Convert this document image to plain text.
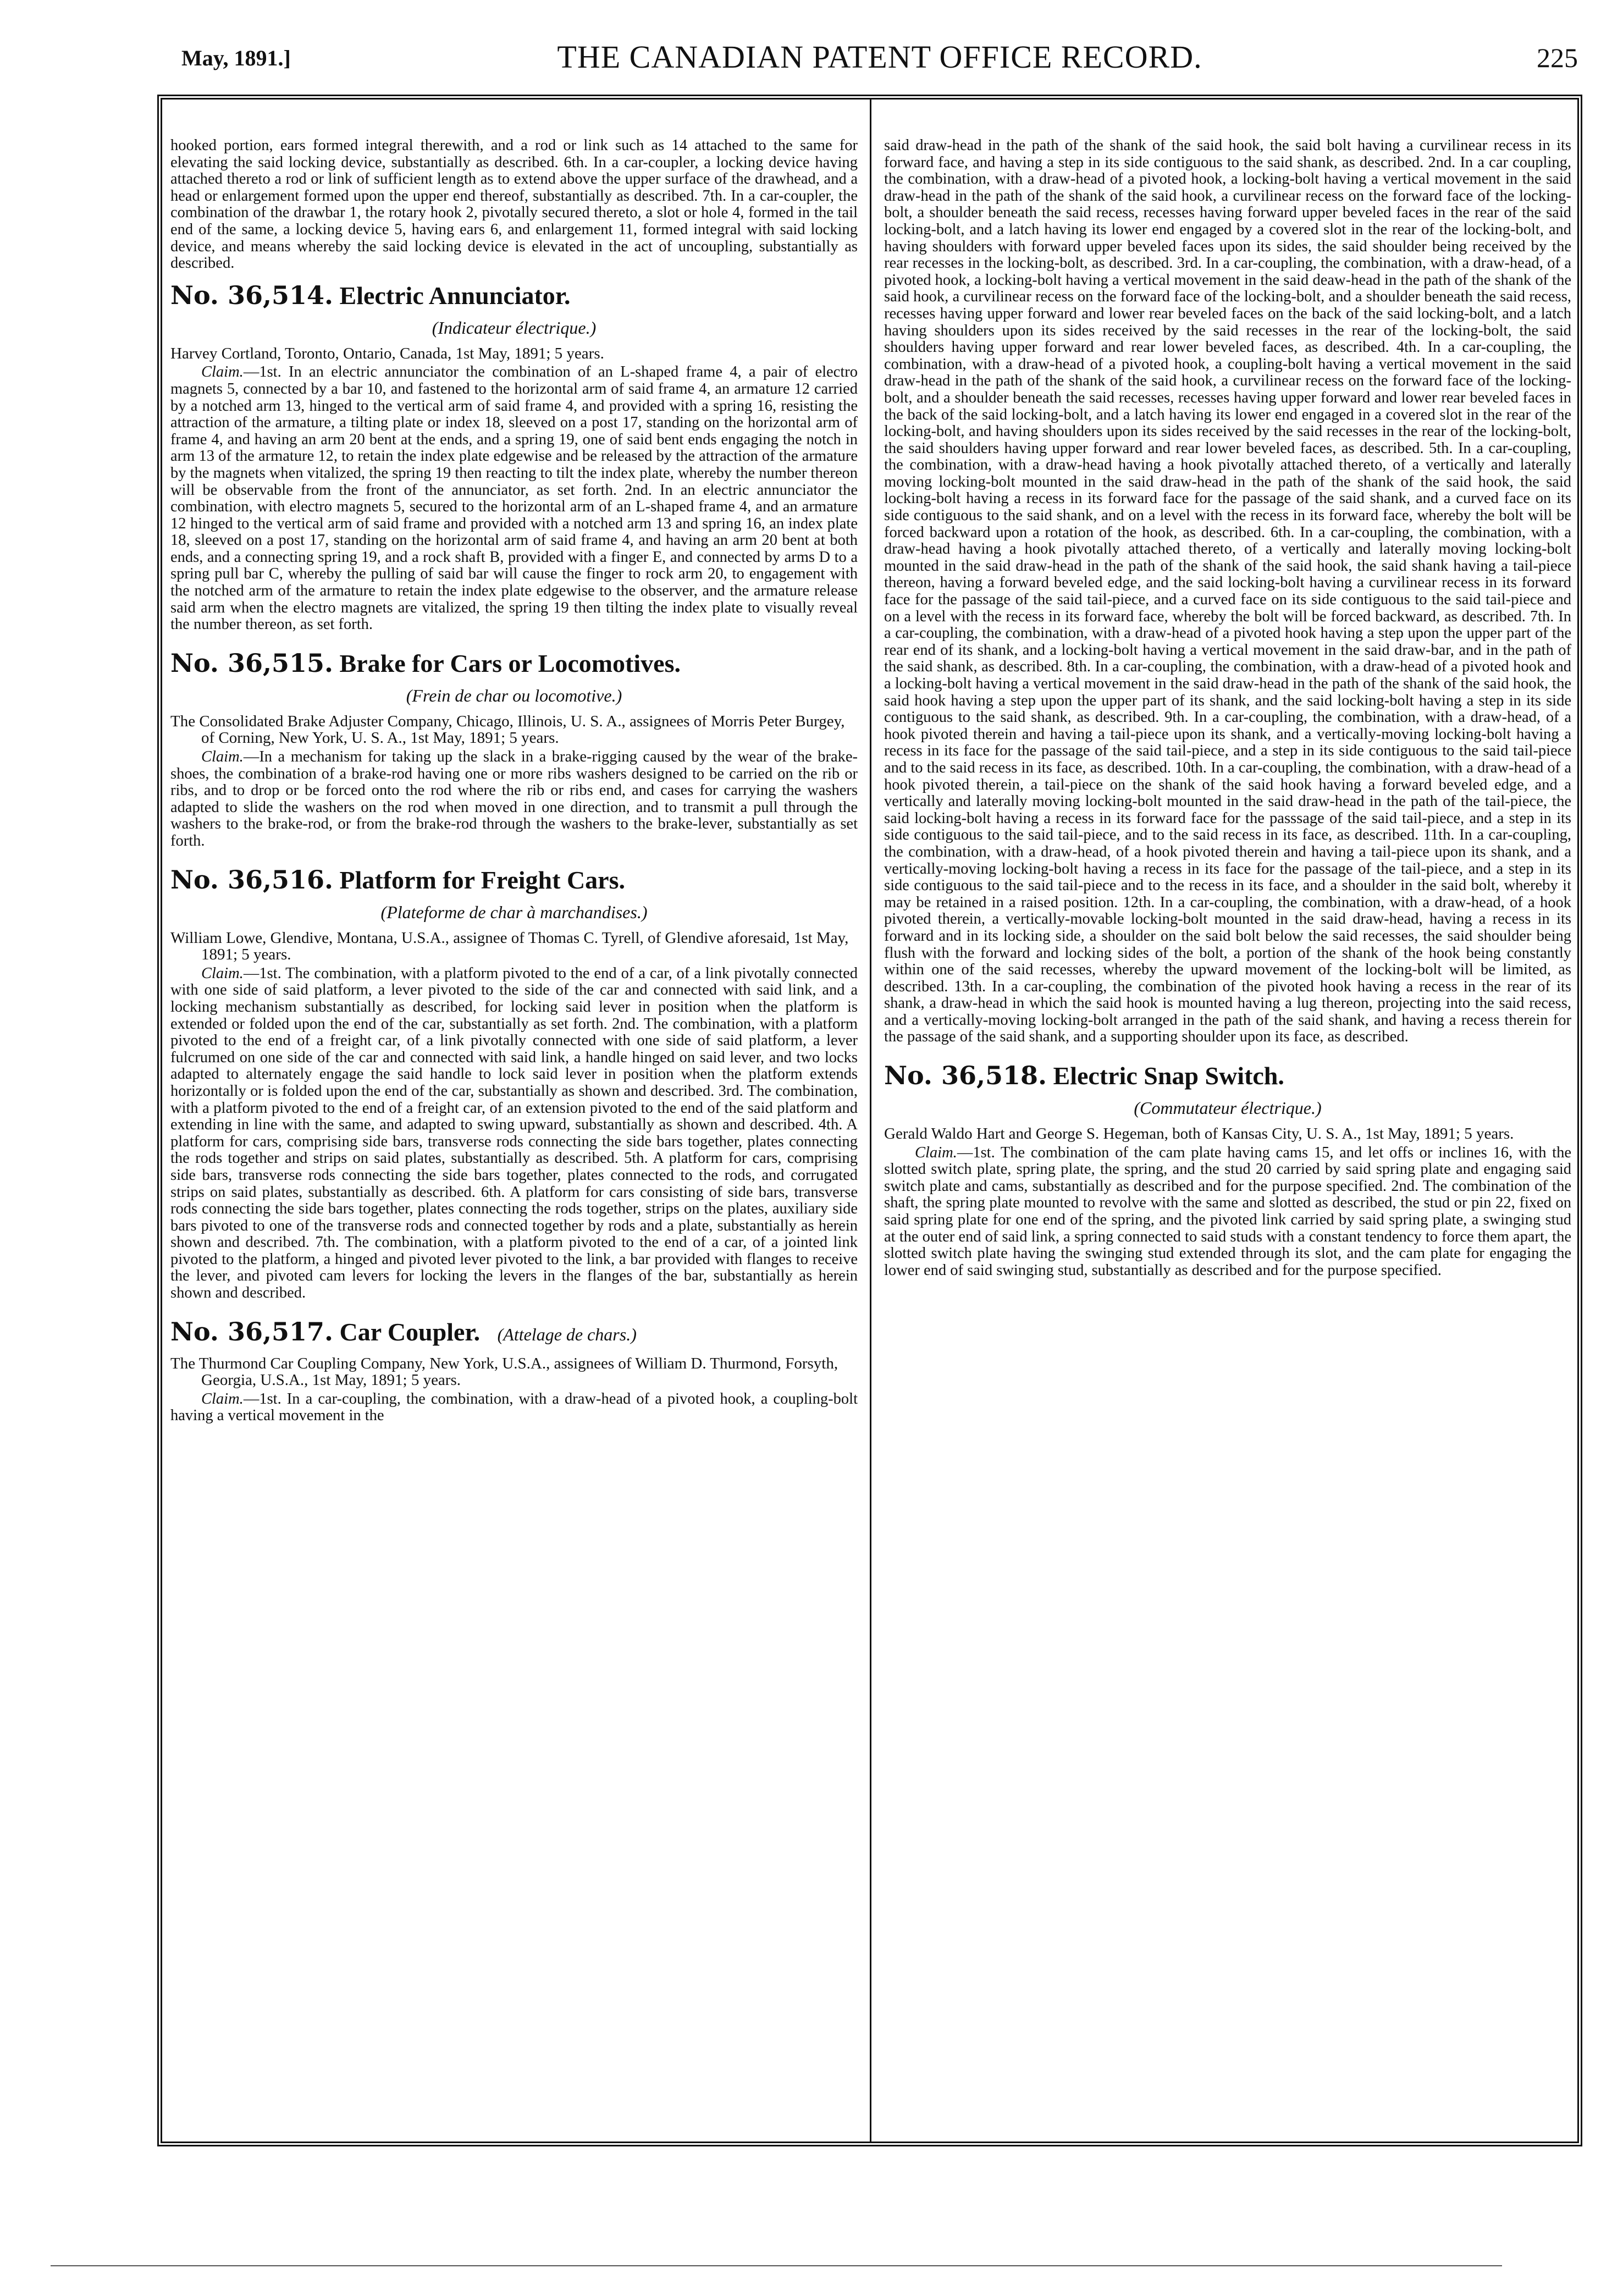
May, 1891.]	THE CANADIAN PATENT OFFICE RECORD.	225

hooked portion, ears formed integral therewith, and a rod or link such as 14 attached to the same for elevating the said locking device, substantially as described. 6th. In a car-coupler, a locking device having attached thereto a rod or link of sufficient length as to extend above the upper surface of the drawhead, and a head or enlargement formed upon the upper end thereof, substantially as described. 7th. In a car-coupler, the combination of the drawbar 1, the rotary hook 2, pivotally secured thereto, a slot or hole 4, formed in the tail end of the same, a locking device 5, having ears 6, and enlargement 11, formed integral with said locking device, and means whereby the said locking device is elevated in the act of uncoupling, substantially as described.

No. 36,514. Electric Annunciator.

(Indicateur électrique.)

Harvey Cortland, Toronto, Ontario, Canada, 1st May, 1891; 5 years.

Claim.—1st. In an electric annunciator the combination of an L-shaped frame 4, a pair of electro magnets 5, connected by a bar 10, and fastened to the horizontal arm of said frame 4, an armature 12 carried by a notched arm 13, hinged to the vertical arm of said frame 4, and provided with a spring 16, resisting the attraction of the armature, a tilting plate or index 18, sleeved on a post 17, standing on the horizontal arm of frame 4, and having an arm 20 bent at the ends, and a spring 19, one of said bent ends engaging the notch in arm 13 of the armature 12, to retain the index plate edgewise and be released by the attraction of the armature by the magnets when vitalized, the spring 19 then reacting to tilt the index plate, whereby the number thereon will be observable from the front of the annunciator, as set forth. 2nd. In an electric annunciator the combination, with electro magnets 5, secured to the horizontal arm of an L-shaped frame 4, and an armature 12 hinged to the vertical arm of said frame and provided with a notched arm 13 and spring 16, an index plate 18, sleeved on a post 17, standing on the horizontal arm of said frame 4, and having an arm 20 bent at both ends, and a connecting spring 19, and a rock shaft B, provided with a finger E, and connected by arms D to a spring pull bar C, whereby the pulling of said bar will cause the finger to rock arm 20, to engagement with the notched arm of the armature to retain the index plate edgewise to the observer, and the armature release said arm when the electro magnets are vitalized, the spring 19 then tilting the index plate to visually reveal the number thereon, as set forth.

No. 36,515. Brake for Cars or Locomotives.

(Frein de char ou locomotive.)

The Consolidated Brake Adjuster Company, Chicago, Illinois, U. S. A., assignees of Morris Peter Burgey, of Corning, New York, U. S. A., 1st May, 1891; 5 years.

Claim.—In a mechanism for taking up the slack in a brake-rigging caused by the wear of the brake-shoes, the combination of a brake-rod having one or more ribs washers designed to be carried on the rib or ribs, and to drop or be forced onto the rod where the rib or ribs end, and cases for carrying the washers adapted to slide the washers on the rod when moved in one direction, and to transmit a pull through the washers to the brake-rod, or from the brake-rod through the washers to the brake-lever, substantially as set forth.

No. 36,516. Platform for Freight Cars.

(Plateforme de char à marchandises.)

William Lowe, Glendive, Montana, U.S.A., assignee of Thomas C. Tyrell, of Glendive aforesaid, 1st May, 1891; 5 years.

Claim.—1st. The combination, with a platform pivoted to the end of a car, of a link pivotally connected with one side of said platform, a lever pivoted to the side of the car and connected with said link, and a locking mechanism substantially as described, for locking said lever in position when the platform is extended or folded upon the end of the car, substantially as set forth. 2nd. The combination, with a platform pivoted to the end of a freight car, of a link pivotally connected with one side of said platform, a lever fulcrumed on one side of the car and connected with said link, a handle hinged on said lever, and two locks adapted to alternately engage the said handle to lock said lever in position when the platform extends horizontally or is folded upon the end of the car, substantially as shown and described. 3rd. The combination, with a platform pivoted to the end of a freight car, of an extension pivoted to the end of the said platform and extending in line with the same, and adapted to swing upward, substantially as shown and described. 4th. A platform for cars, comprising side bars, transverse rods connecting the side bars together, plates connecting the rods together and strips on said plates, substantially as described. 5th. A platform for cars, comprising side bars, transverse rods connecting the side bars together, plates connected to the rods, and corrugated strips on said plates, substantially as described. 6th. A platform for cars consisting of side bars, transverse rods connecting the side bars together, plates connecting the rods together, strips on the plates, auxiliary side bars pivoted to one of the transverse rods and connected together by rods and a plate, substantially as herein shown and described. 7th. The combination, with a platform pivoted to the end of a car, of a jointed link pivoted to the platform, a hinged and pivoted lever pivoted to the link, a bar provided with flanges to receive the lever, and pivoted cam levers for locking the levers in the flanges of the bar, substantially as herein shown and described.

No. 36,517. Car Coupler. (Attelage de chars.)

The Thurmond Car Coupling Company, New York, U.S.A., assignees of William D. Thurmond, Forsyth, Georgia, U.S.A., 1st May, 1891; 5 years.

Claim.—1st. In a car-coupling, the combination, with a draw-head of a pivoted hook, a coupling-bolt having a vertical movement in the

said draw-head in the path of the shank of the said hook, the said bolt having a curvilinear recess in its forward face, and having a step in its side contiguous to the said shank, as described. 2nd. In a car coupling, the combination, with a draw-head of a pivoted hook, a locking-bolt having a vertical movement in the said draw-head in the path of the shank of the said hook, a curvilinear recess on the forward face of the locking-bolt, a shoulder beneath the said recess, recesses having forward upper beveled faces in the rear of the said locking-bolt, and a latch having its lower end engaged by a covered slot in the rear of the locking-bolt, and having shoulders with forward upper beveled faces upon its sides, the said shoulder being received by the rear recesses in the locking-bolt, as described. 3rd. In a car-coupling, the combination, with a draw-head, of a pivoted hook, a locking-bolt having a vertical movement in the said deaw-head in the path of the shank of the said hook, a curvilinear recess on the forward face of the locking-bolt, and a shoulder beneath the said recess, recesses having upper forward and lower rear beveled faces on the back of the said locking-bolt, and a latch having shoulders upon its sides received by the said recesses in the rear of the locking-bolt, the said shoulders having upper forward and rear lower beveled faces, as described. 4th. In a car-coupling, the combination, with a draw-head of a pivoted hook, a coupling-bolt having a vertical movement in the said draw-head in the path of the shank of the said hook, a curvilinear recess on the forward face of the locking-bolt, and a shoulder beneath the said recesses, recesses having upper forward and lower rear beveled faces in the back of the said locking-bolt, and a latch having its lower end engaged in a covered slot in the rear of the locking-bolt, and having shoulders upon its sides received by the said recesses in the rear of the locking-bolt, the said shoulders having upper forward and rear lower beveled faces, as described. 5th. In a car-coupling, the combination, with a draw-head having a hook pivotally attached thereto, of a vertically and laterally moving locking-bolt mounted in the said draw-head in the path of the shank of the said hook, the said locking-bolt having a recess in its forward face for the passage of the said shank, and a curved face on its side contiguous to the said shank, and on a level with the recess in its forward face, whereby the bolt will be forced backward upon a rotation of the hook, as described. 6th. In a car-coupling, the combination, with a draw-head having a hook pivotally attached thereto, of a vertically and laterally moving locking-bolt mounted in the said draw-head in the path of the shank of the said hook, the said shank having a tail-piece thereon, having a forward beveled edge, and the said locking-bolt having a curvilinear recess in its forward face for the passage of the said tail-piece, and a curved face on its side contiguous to the said tail-piece and on a level with the recess in its forward face, whereby the bolt will be forced backward, as described. 7th. In a car-coupling, the combination, with a draw-head of a pivoted hook having a step upon the upper part of the rear end of its shank, and a locking-bolt having a vertical movement in the said draw-bar, and in the path of the said shank, as described. 8th. In a car-coupling, the combination, with a draw-head of a pivoted hook and a locking-bolt having a vertical movement in the said draw-head in the path of the shank of the said hook, the said hook having a step upon the upper part of its shank, and the said locking-bolt having a step in its side contiguous to the said shank, as described. 9th. In a car-coupling, the combination, with a draw-head, of a hook pivoted therein and having a tail-piece upon its shank, and a vertically-moving locking-bolt having a recess in its face for the passage of the said tail-piece, and a step in its side contiguous to the said tail-piece and to the said recess in its face, as described. 10th. In a car-coupling, the combination, with a draw-head of a hook pivoted therein, a tail-piece on the shank of the said hook having a forward beveled edge, and a vertically and laterally moving locking-bolt mounted in the said draw-head in the path of the tail-piece, the said locking-bolt having a recess in its forward face for the passsage of the said tail-piece, and a step in its side contiguous to the said tail-piece, and to the said recess in its face, as described. 11th. In a car-coupling, the combination, with a draw-head, of a hook pivoted therein and having a tail-piece upon its shank, and a vertically-moving locking-bolt having a recess in its face for the passage of the tail-piece, and a step in its side contiguous to the said tail-piece and to the recess in its face, and a shoulder in the said bolt, whereby it may be retained in a raised position. 12th. In a car-coupling, the combination, with a draw-head, of a hook pivoted therein, a vertically-movable locking-bolt mounted in the said draw-head, having a recess in its forward and in its locking side, a shoulder on the said bolt below the said recesses, the said shoulder being flush with the forward and locking sides of the bolt, a portion of the shank of the hook being constantly within one of the said recesses, whereby the upward movement of the locking-bolt will be limited, as described. 13th. In a car-coupling, the combination of the pivoted hook having a recess in the rear of its shank, a draw-head in which the said hook is mounted having a lug thereon, projecting into the said recess, and a vertically-moving locking-bolt arranged in the path of the said shank, and having a recess therein for the passage of the said shank, and a supporting shoulder upon its face, as described.

No. 36,518. Electric Snap Switch.

(Commutateur électrique.)

Gerald Waldo Hart and George S. Hegeman, both of Kansas City, U. S. A., 1st May, 1891; 5 years.

Claim.—1st. The combination of the cam plate having cams 15, and let offs or inclines 16, with the slotted switch plate, spring plate, the spring, and the stud 20 carried by said spring plate and engaging said switch plate and cams, substantially as described and for the purpose specified. 2nd. The combination of the shaft, the spring plate mounted to revolve with the same and slotted as described, the stud or pin 22, fixed on said spring plate for one end of the spring, and the pivoted link carried by said spring plate, a swinging stud at the outer end of said link, a spring connected to said studs with a constant tendency to force them apart, the slotted switch plate having the swinging stud extended through its slot, and the cam plate for engaging the lower end of said swinging stud, substantially as described and for the purpose specified.
